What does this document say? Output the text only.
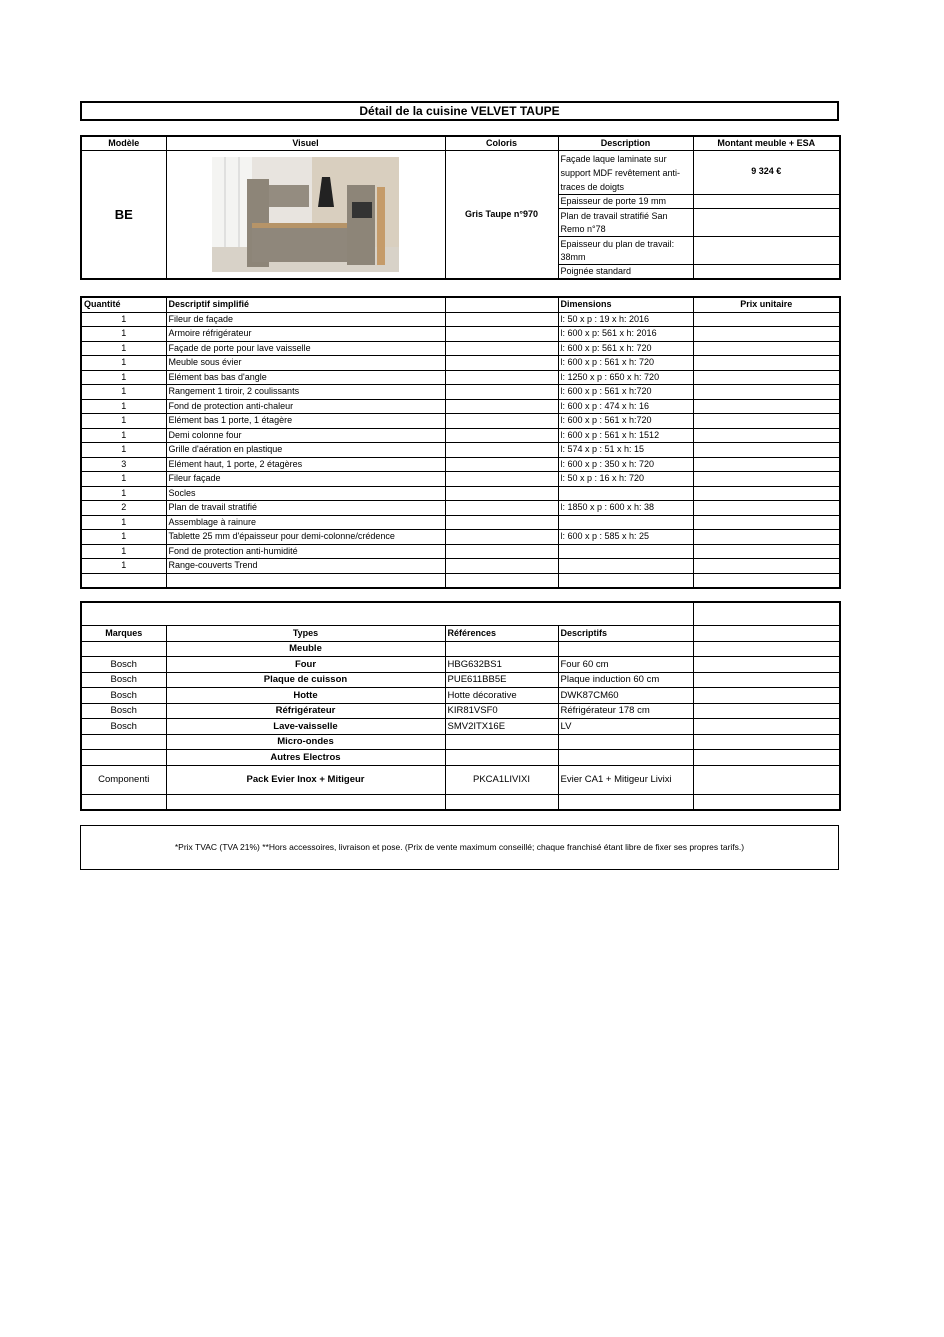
Détail de la cuisine VELVET TAUPE
Modèle	Visuel	Coloris	Description	Montant meuble + ESA
BE		Gris Taupe n°970	Façade laque laminate sur support MDF revêtement anti-traces de doigts	9 324 €
			Epaisseur de porte 19 mm	
			Plan de travail stratifié San Remo n°78	
			Epaisseur du plan de travail: 38mm	
			Poignée standard	
Quantité	Descriptif simplifié		Dimensions	Prix unitaire
1	Fileur de façade		l: 50 x p : 19 x h: 2016	
1	Armoire réfrigérateur		l: 600 x p: 561 x h: 2016	
1	Façade de porte pour lave vaisselle		l: 600 x p: 561 x h: 720	
1	Meuble sous évier		l: 600 x p : 561 x h: 720	
1	Elément bas bas d'angle		l: 1250 x p : 650 x h: 720	
1	Rangement 1 tiroir, 2 coulissants		l: 600 x p : 561 x h:720	
1	Fond de protection anti-chaleur		l: 600 x p : 474 x h: 16	
1	Elément bas 1 porte, 1 étagère		l: 600 x p : 561 x h:720	
1	Demi colonne four		l: 600 x p : 561 x h: 1512	
1	Grille d'aération en plastique		l: 574 x p : 51 x h: 15	
3	Elément haut, 1 porte, 2 étagères		l: 600 x p : 350 x h: 720	
1	Fileur façade		l: 50 x p : 16 x h: 720	
1	Socles			
2	Plan de travail stratifié		l: 1850 x p : 600 x h: 38	
1	Assemblage à rainure			
1	Tablette 25 mm d'épaisseur pour demi-colonne/crédence		l: 600 x p : 585 x h: 25	
1	Fond de protection anti-humidité			
1	Range-couverts Trend			

Marques	Types	Références	Descriptifs	
	Meuble			
Bosch	Four	HBG632BS1	Four 60 cm	
Bosch	Plaque de cuisson	PUE611BB5E	Plaque induction 60 cm	
Bosch	Hotte	Hotte décorative	DWK87CM60	
Bosch	Réfrigérateur	KIR81VSF0	Réfrigérateur 178 cm	
Bosch	Lave-vaisselle	SMV2ITX16E	LV	
	Micro-ondes			
	Autres Electros			
Componenti	Pack Evier Inox + Mitigeur	PKCA1LIVIXI	Evier CA1 + Mitigeur Livixi	

*Prix TVAC (TVA 21%) **Hors accessoires, livraison et pose. (Prix de vente maximum conseillé; chaque franchisé étant libre de fixer ses propres tarifs.)
